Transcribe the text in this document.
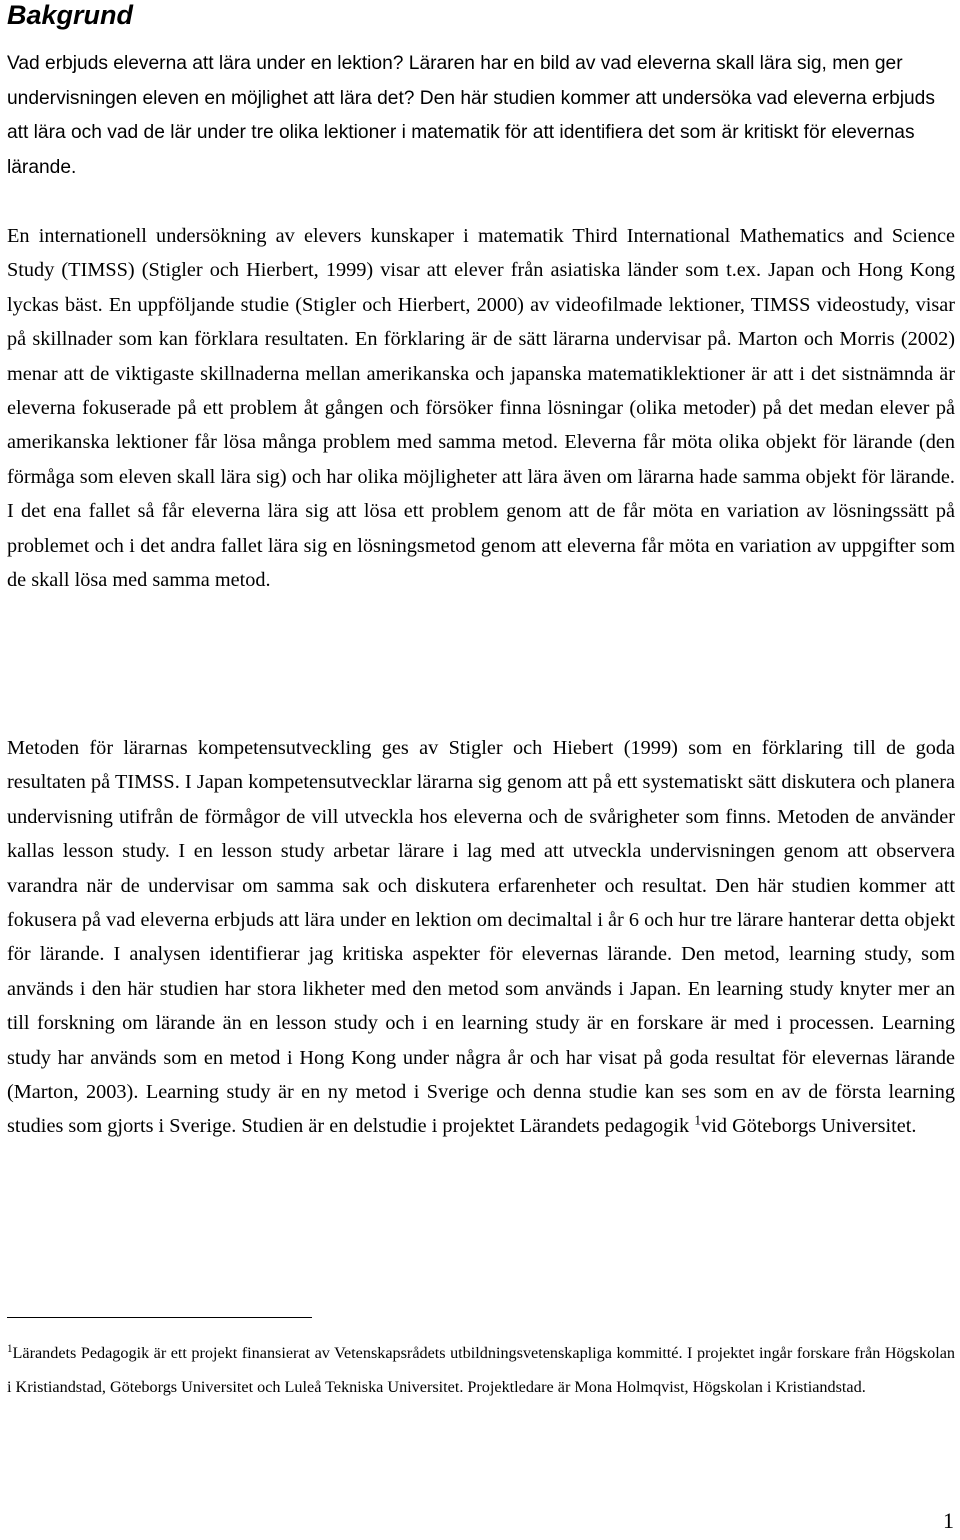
Bakgrund

Vad erbjuds eleverna att lära under en lektion? Läraren har en bild av vad eleverna skall lära sig, men ger undervisningen eleven en möjlighet att lära det? Den här studien kommer att undersöka vad eleverna erbjuds att lära och vad de lär under tre olika lektioner i matematik för att identifiera det som är kritiskt för elevernas lärande.

En internationell undersökning av elevers kunskaper i matematik Third International Mathematics and Science Study (TIMSS) (Stigler och Hierbert, 1999) visar att elever från asiatiska länder som t.ex. Japan och Hong Kong lyckas bäst. En uppföljande studie (Stigler och Hierbert, 2000) av videofilmade lektioner, TIMSS videostudy, visar på skillnader som kan förklara resultaten. En förklaring är de sätt lärarna undervisar på. Marton och Morris (2002) menar att de viktigaste skillnaderna mellan amerikanska och japanska matematiklektioner är att i det sistnämnda är eleverna fokuserade på ett problem åt gången och försöker finna lösningar (olika metoder) på det medan elever på amerikanska lektioner får lösa många problem med samma metod. Eleverna får möta olika objekt för lärande (den förmåga som eleven skall lära sig) och har olika möjligheter att lära även om lärarna hade samma objekt för lärande. I det ena fallet så får eleverna lära sig att lösa ett problem genom att de får möta en variation av lösningssätt på problemet och i det andra fallet lära sig en lösningsmetod genom att eleverna får möta en variation av uppgifter som de skall lösa med samma metod.

Metoden för lärarnas kompetensutveckling ges av Stigler och Hiebert (1999) som en förklaring till de goda resultaten på TIMSS. I Japan kompetensutvecklar lärarna sig genom att på ett systematiskt sätt diskutera och planera undervisning utifrån de förmågor de vill utveckla hos eleverna och de svårigheter som finns. Metoden de använder kallas lesson study. I en lesson study arbetar lärare i lag med att utveckla undervisningen genom att observera varandra när de undervisar om samma sak och diskutera erfarenheter och resultat. Den här studien kommer att fokusera på vad eleverna erbjuds att lära under en lektion om decimaltal i år 6 och hur tre lärare hanterar detta objekt för lärande. I analysen identifierar jag kritiska aspekter för elevernas lärande. Den metod, learning study, som används i den här studien har stora likheter med den metod som används i Japan. En learning study knyter mer an till forskning om lärande än en lesson study och i en learning study är en forskare är med i processen. Learning study har används som en metod i Hong Kong under några år och har visat på goda resultat för elevernas lärande (Marton, 2003). Learning study är en ny metod i Sverige och denna studie kan ses som en av de första learning studies som gjorts i Sverige. Studien är en delstudie i projektet Lärandets pedagogik $^1$vid Göteborgs Universitet.

$^1$Lärandets Pedagogik är ett projekt finansierat av Vetenskapsrådets utbildningsvetenskapliga kommitté. I projektet ingår forskare från Högskolan i Kristiandstad, Göteborgs Universitet och Luleå Tekniska Universitet. Projektledare är Mona Holmqvist, Högskolan i Kristiandstad.

1
